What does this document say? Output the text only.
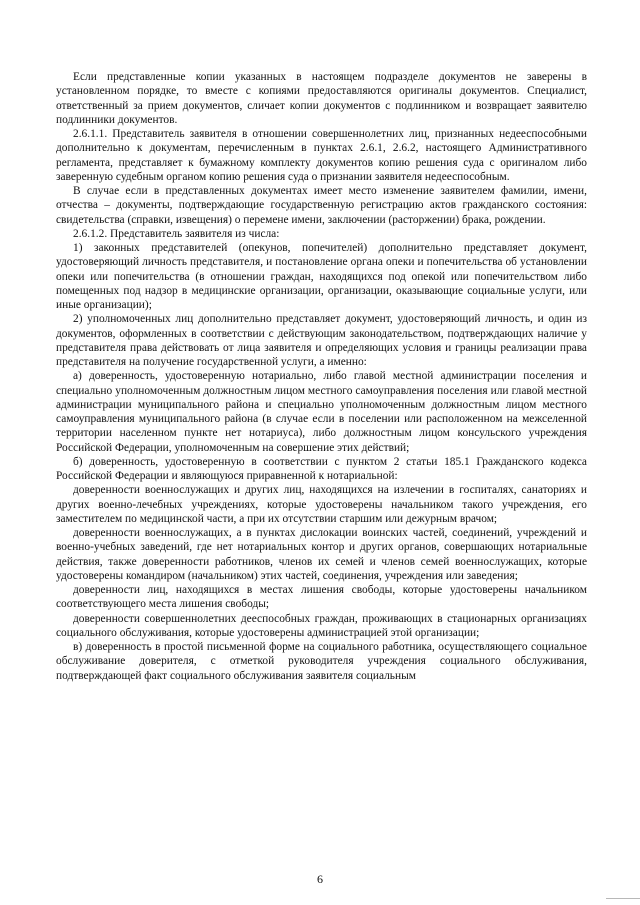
Если представленные копии указанных в настоящем подразделе документов не заверены в установленном порядке, то вместе с копиями предоставляются оригиналы документов. Специалист, ответственный за прием документов, сличает копии документов с подлинником и возвращает заявителю подлинники документов.

2.6.1.1. Представитель заявителя в отношении совершеннолетних лиц, признанных недееспособными дополнительно к документам, перечисленным в пунктах 2.6.1, 2.6.2, настоящего Административного регламента, представляет к бумажному комплекту документов копию решения суда с оригиналом либо заверенную судебным органом копию решения суда о признании заявителя недееспособным.

В случае если в представленных документах имеет место изменение заявителем фамилии, имени, отчества – документы, подтверждающие государственную регистрацию актов гражданского состояния: свидетельства (справки, извещения) о перемене имени, заключении (расторжении) брака, рождении.

2.6.1.2. Представитель заявителя из числа:

1) законных представителей (опекунов, попечителей) дополнительно представляет документ, удостоверяющий личность представителя, и постановление органа опеки и попечительства об установлении опеки или попечительства (в отношении граждан, находящихся под опекой или попечительством либо помещенных под надзор в медицинские организации, организации, оказывающие социальные услуги, или иные организации);

2) уполномоченных лиц дополнительно представляет документ, удостоверяющий личность, и один из документов, оформленных в соответствии с действующим законодательством, подтверждающих наличие у представителя права действовать от лица заявителя и определяющих условия и границы реализации права представителя на получение государственной услуги, а именно:

а) доверенность, удостоверенную нотариально, либо главой местной администрации поселения и специально уполномоченным должностным лицом местного самоуправления поселения или главой местной администрации муниципального района и специально уполномоченным должностным лицом местного самоуправления муниципального района (в случае если в поселении или расположенном на межселенной территории населенном пункте нет нотариуса), либо должностным лицом консульского учреждения Российской Федерации, уполномоченным на совершение этих действий;

б) доверенность, удостоверенную в соответствии с пунктом 2 статьи 185.1 Гражданского кодекса Российской Федерации и являющуюся приравненной к нотариальной:

доверенности военнослужащих и других лиц, находящихся на излечении в госпиталях, санаториях и других военно-лечебных учреждениях, которые удостоверены начальником такого учреждения, его заместителем по медицинской части, а при их отсутствии старшим или дежурным врачом;

доверенности военнослужащих, а в пунктах дислокации воинских частей, соединений, учреждений и военно-учебных заведений, где нет нотариальных контор и других органов, совершающих нотариальные действия, также доверенности работников, членов их семей и членов семей военнослужащих, которые удостоверены командиром (начальником) этих частей, соединения, учреждения или заведения;

доверенности лиц, находящихся в местах лишения свободы, которые удостоверены начальником соответствующего места лишения свободы;

доверенности совершеннолетних дееспособных граждан, проживающих в стационарных организациях социального обслуживания, которые удостоверены администрацией этой организации;

в) доверенность в простой письменной форме на социального работника, осуществляющего социальное обслуживание доверителя, с отметкой руководителя учреждения социального обслуживания, подтверждающей факт социального обслуживания заявителя социальным

6
